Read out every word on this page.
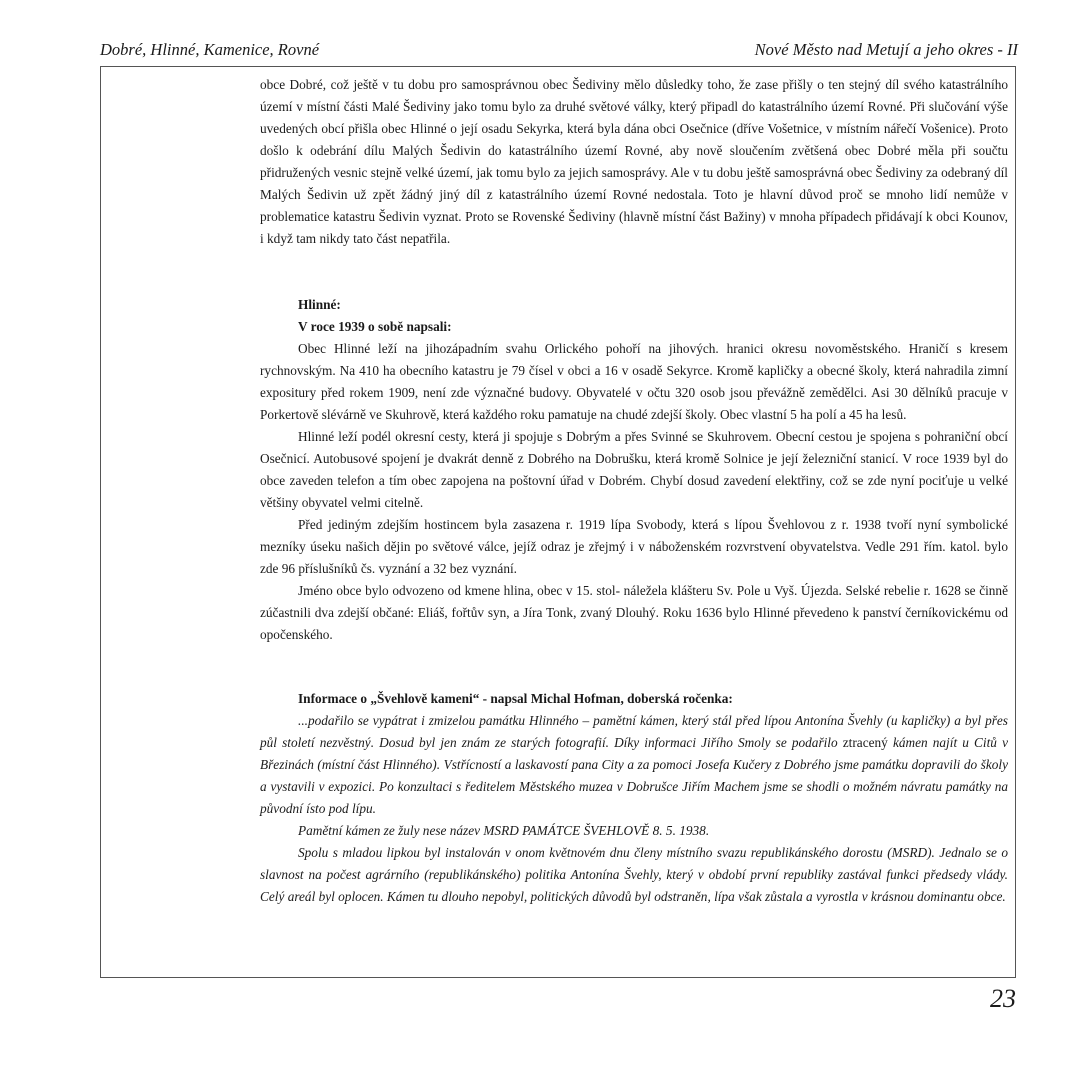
Dobré, Hlinné, Kamenice, Rovné	Nové Město nad Metují a jeho okres - II

obce Dobré, což ještě v tu dobu pro samosprávnou obec Šediviny mělo důsledky toho, že zase přišly o ten stejný díl svého katastrálního území v místní části Malé Šediviny jako tomu bylo za druhé světové války, který připadl do katastrálního území Rovné. Při slučování výše uvedených obcí přišla obec Hlinné o její osadu Sekyrka, která byla dána obci Osečnice (dříve Vošetnice, v místním nářečí Vošenice). Proto došlo k odebrání dílu Malých Šedivin do katastrálního území Rovné, aby nově sloučením zvětšená obec Dobré měla při součtu přidružených vesnic stejně velké území, jak tomu bylo za jejich samosprávy. Ale v tu dobu ještě samosprávná obec Šediviny za odebraný díl Malých Šedivin už zpět žádný jiný díl z katastrálního území Rovné nedostala. Toto je hlavní důvod proč se mnoho lidí nemůže v problematice katastru Šedivin vyznat. Proto se Rovenské Šediviny (hlavně místní část Bažiny) v mnoha případech přidávají k obci Kounov, i když tam nikdy tato část nepatřila.

Hlinné:

V roce 1939 o sobě napsali:

Obec Hlinné leží na jihozápadním svahu Orlického pohoří na jihových. hranici okresu novoměstského. Hraničí s kresem rychnovským. Na 410 ha obecního katastru je 79 čísel v obci a 16 v osadě Sekyrce. Kromě kapličky a obecné školy, která nahradila zimní expositury před rokem 1909, není zde význačné budovy. Obyvatelé v očtu 320 osob jsou převážně zemědělci. Asi 30 dělníků pracuje v Porkertově slévárně ve Skuhrově, která každého roku pamatuje na chudé zdejší školy. Obec vlastní 5 ha polí a 45 ha lesů.

Hlinné leží podél okresní cesty, která ji spojuje s Dobrým a přes Svinné se Skuhrovem. Obecní cestou je spojena s pohraniční obcí Osečnicí. Autobusové spojení je dvakrát denně z Dobrého na Dobrušku, která kromě Solnice je její železniční stanicí. V roce 1939 byl do obce zaveden telefon a tím obec zapojena na poštovní úřad v Dobrém. Chybí dosud zavedení elektřiny, což se zde nyní pociťuje u velké většiny obyvatel velmi citelně.

Před jediným zdejším hostincem byla zasazena r. 1919 lípa Svobody, která s lípou Švehlovou z r. 1938 tvoří nyní symbolické mezníky úseku našich dějin po světové válce, jejíž odraz je zřejmý i v náboženském rozvrstvení obyvatelstva. Vedle 291 řím. katol. bylo zde 96 příslušníků čs. vyznání a 32 bez vyznání.

Jméno obce bylo odvozeno od kmene hlina, obec v 15. stol- náležela klášteru Sv. Pole u Vyš. Újezda. Selské rebelie r. 1628 se činně zúčastnili dva zdejší občané: Eliáš, fořtův syn, a Jíra Tonk, zvaný Dlouhý. Roku 1636 bylo Hlinné převedeno k panství černíkovickému od opočenského.

Informace o „Švehlově kameni“ - napsal Michal Hofman, doberská ročenka:

...podařilo se vypátrat i zmizelou památku Hlinného – pamětní kámen, který stál před lípou Antonína Švehly (u kapličky) a byl přes půl století nezvěstný. Dosud byl jen znám ze starých fotografií. Díky informaci Jiřího Smoly se podařilo ztracený kámen najít u Citů v Březinách (místní část Hlinného). Vstřícností a laskavostí pana City a za pomoci Josefa Kučery z Dobrého jsme památku dopravili do školy a vystavili v expozici. Po konzultaci s ředitelem Městského muzea v Dobrušce Jiřím Machem jsme se shodli o možném návratu památky na původní ísto pod lípu.

Pamětní kámen ze žuly nese název MSRD PAMÁTCE ŠVEHLOVĚ 8. 5. 1938.

Spolu s mladou lipkou byl instalován v onom květnovém dnu členy místního svazu republikánského dorostu (MSRD). Jednalo se o slavnost na počest agrárního (republikánského) politika Antonína Švehly, který v období první republiky zastával funkci předsedy vlády. Celý areál byl oplocen. Kámen tu dlouho nepobyl, politických důvodů byl odstraněn, lípa však zůstala a vyrostla v krásnou dominantu obce.

23
